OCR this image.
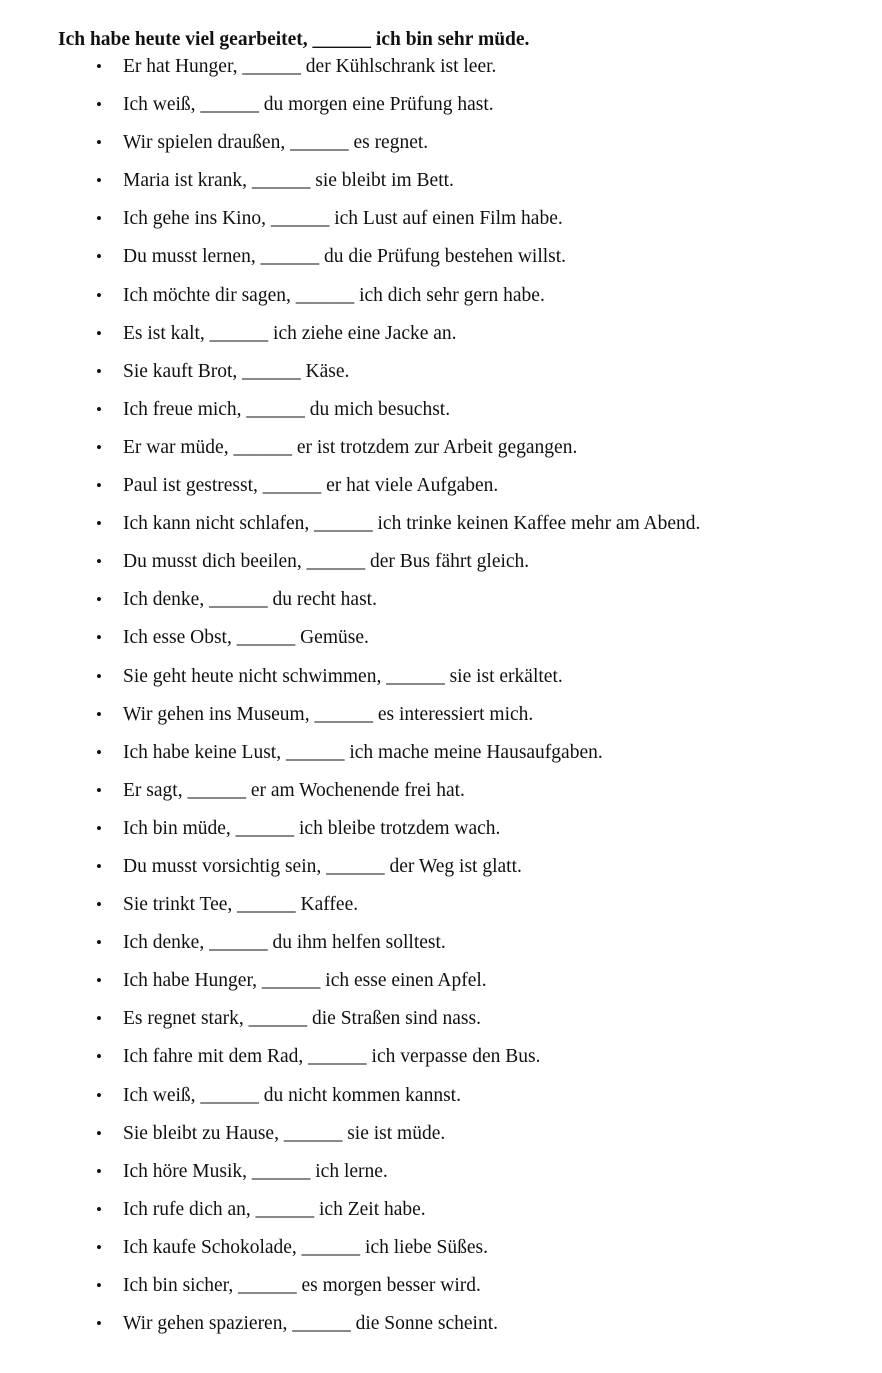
Ich habe heute viel gearbeitet, ______ ich bin sehr müde.
• Er hat Hunger, ______ der Kühlschrank ist leer.
• Ich weiß, ______ du morgen eine Prüfung hast.
• Wir spielen draußen, ______ es regnet.
• Maria ist krank, ______ sie bleibt im Bett.
• Ich gehe ins Kino, ______ ich Lust auf einen Film habe.
• Du musst lernen, ______ du die Prüfung bestehen willst.
• Ich möchte dir sagen, ______ ich dich sehr gern habe.
• Es ist kalt, ______ ich ziehe eine Jacke an.
• Sie kauft Brot, ______ Käse.
• Ich freue mich, ______ du mich besuchst.
• Er war müde, ______ er ist trotzdem zur Arbeit gegangen.
• Paul ist gestresst, ______ er hat viele Aufgaben.
• Ich kann nicht schlafen, ______ ich trinke keinen Kaffee mehr am Abend.
• Du musst dich beeilen, ______ der Bus fährt gleich.
• Ich denke, ______ du recht hast.
• Ich esse Obst, ______ Gemüse.
• Sie geht heute nicht schwimmen, ______ sie ist erkältet.
• Wir gehen ins Museum, ______ es interessiert mich.
• Ich habe keine Lust, ______ ich mache meine Hausaufgaben.
• Er sagt, ______ er am Wochenende frei hat.
• Ich bin müde, ______ ich bleibe trotzdem wach.
• Du musst vorsichtig sein, ______ der Weg ist glatt.
• Sie trinkt Tee, ______ Kaffee.
• Ich denke, ______ du ihm helfen solltest.
• Ich habe Hunger, ______ ich esse einen Apfel.
• Es regnet stark, ______ die Straßen sind nass.
• Ich fahre mit dem Rad, ______ ich verpasse den Bus.
• Ich weiß, ______ du nicht kommen kannst.
• Sie bleibt zu Hause, ______ sie ist müde.
• Ich höre Musik, ______ ich lerne.
• Ich rufe dich an, ______ ich Zeit habe.
• Ich kaufe Schokolade, ______ ich liebe Süßes.
• Ich bin sicher, ______ es morgen besser wird.
• Wir gehen spazieren, ______ die Sonne scheint.
